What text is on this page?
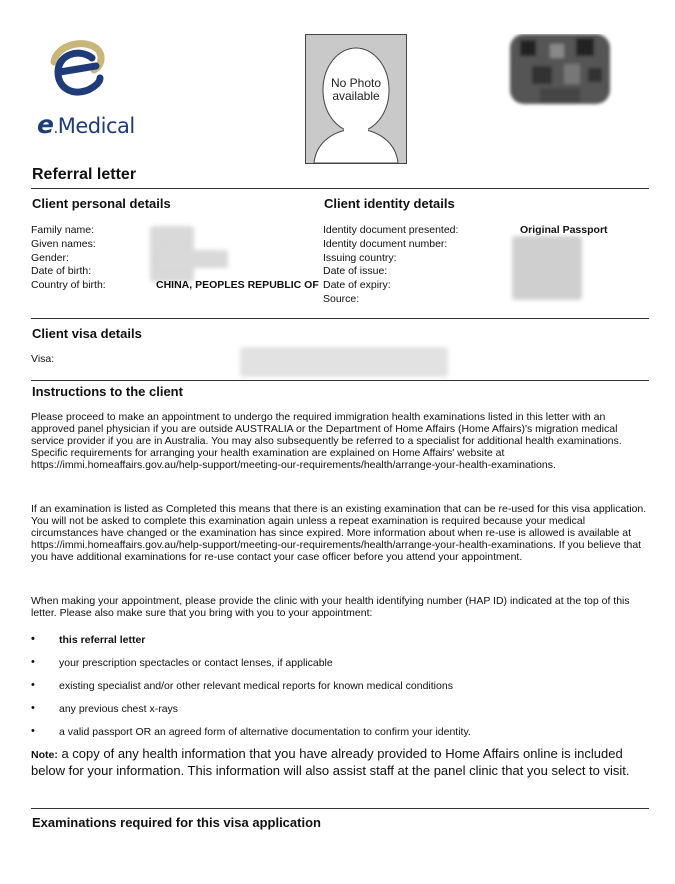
e.Medical
No Photo available
Referral letter
Client personal details
Family name:
Given names:
Gender:
Date of birth:
Country of birth:	CHINA, PEOPLES REPUBLIC OF
Client identity details
Identity document presented:
Identity document number:
Issuing country:
Date of issue:
Date of expiry:
Source:
Original Passport
Client visa details
Visa:
Instructions to the client

Please proceed to make an appointment to undergo the required immigration health examinations listed in this letter with an approved panel physician if you are outside AUSTRALIA or the Department of Home Affairs (Home Affairs)'s migration medical service provider if you are in Australia. You may also subsequently be referred to a specialist for additional health examinations. Specific requirements for arranging your health examination are explained on Home Affairs' website at https://immi.homeaffairs.gov.au/help-support/meeting-our-requirements/health/arrange-your-health-examinations.

If an examination is listed as Completed this means that there is an existing examination that can be re-used for this visa application. You will not be asked to complete this examination again unless a repeat examination is required because your medical circumstances have changed or the examination has since expired. More information about when re-use is allowed is available at https://immi.homeaffairs.gov.au/help-support/meeting-our-requirements/health/arrange-your-health-examinations. If you believe that you have additional examinations for re-use contact your case officer before you attend your appointment.

When making your appointment, please provide the clinic with your health identifying number (HAP ID) indicated at the top of this letter. Please also make sure that you bring with you to your appointment:

• this referral letter
• your prescription spectacles or contact lenses, if applicable
• existing specialist and/or other relevant medical reports for known medical conditions
• any previous chest x-rays
• a valid passport OR an agreed form of alternative documentation to confirm your identity.

Note: a copy of any health information that you have already provided to Home Affairs online is included below for your information. This information will also assist staff at the panel clinic that you select to visit.

Examinations required for this visa application
